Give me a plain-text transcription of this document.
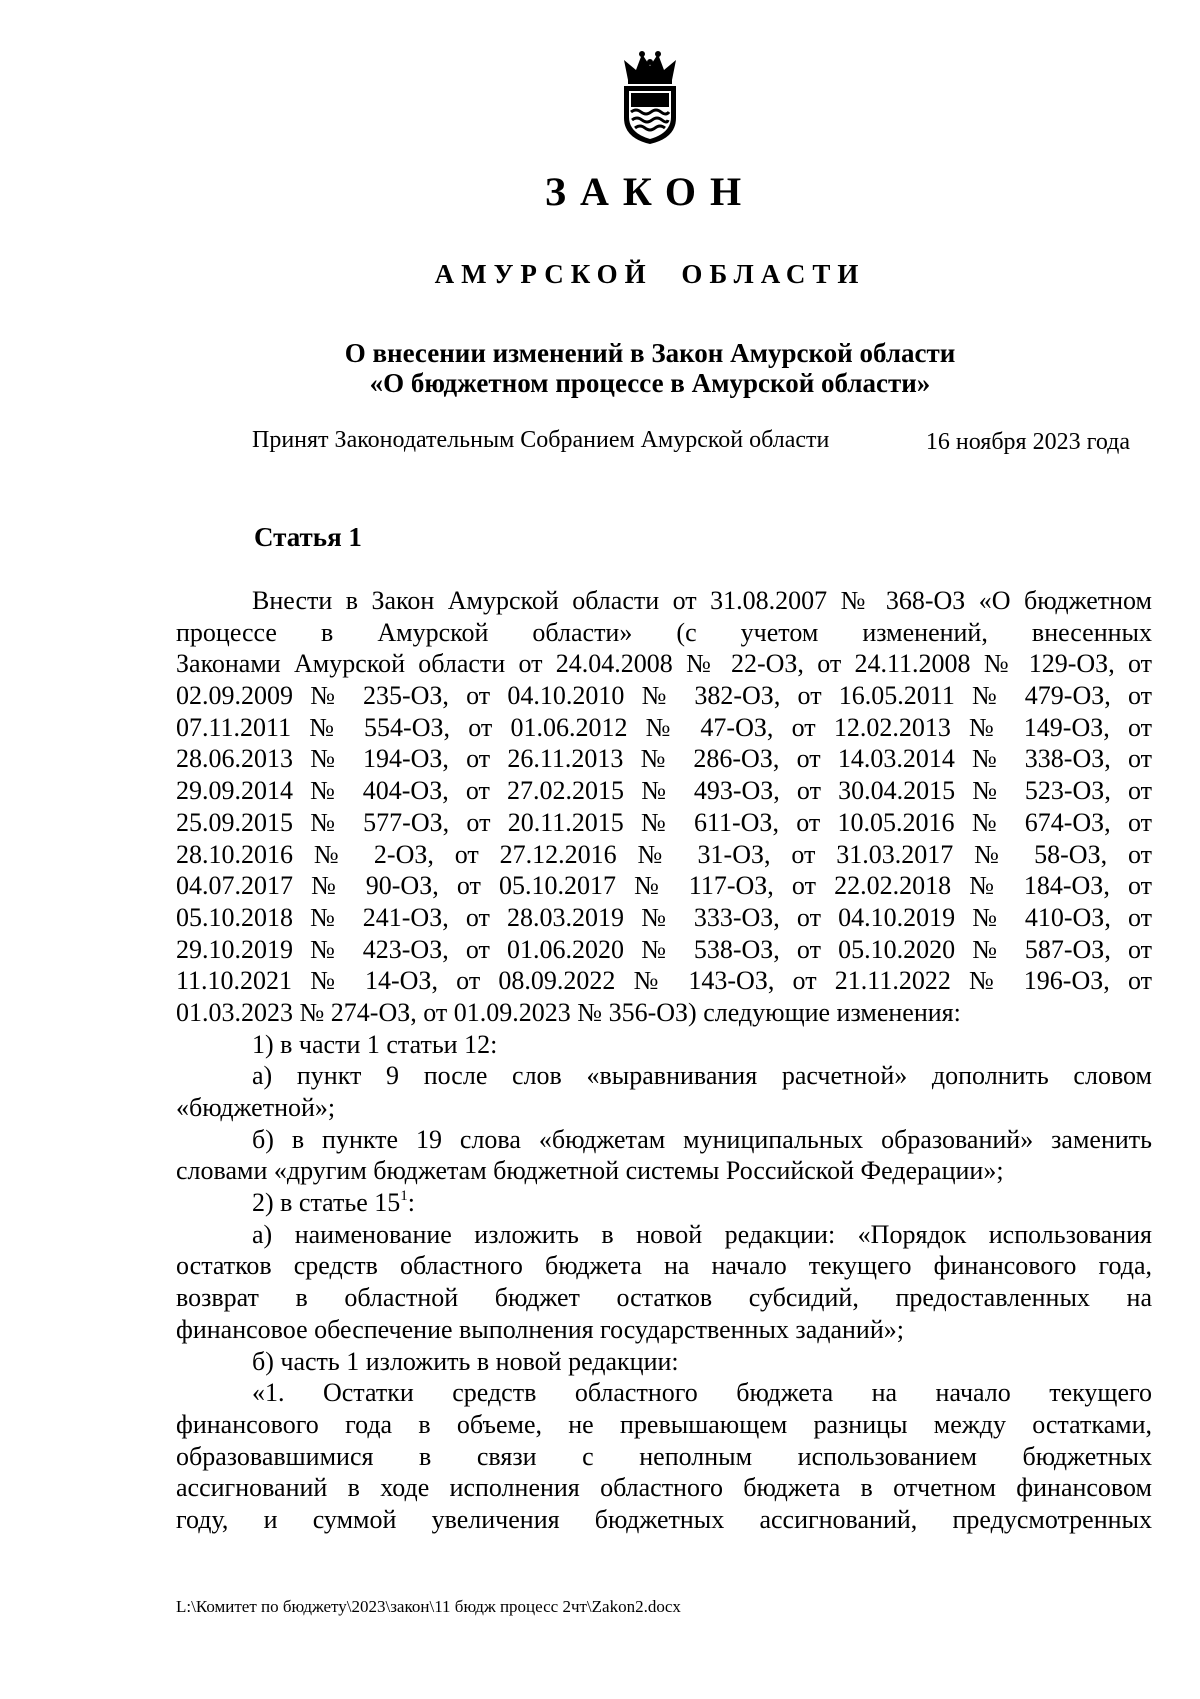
ЗАКОН
АМУРСКОЙ ОБЛАСТИ
О внесении изменений в Закон Амурской области
«О бюджетном процессе в Амурской области»
Принят Законодательным Собранием Амурской области	16 ноября 2023 года
Статья 1
Внести в Закон Амурской области от 31.08.2007 № 368-ОЗ «О бюджетном
процессе в Амурской области» (с учетом изменений, внесенных
Законами Амурской области от 24.04.2008 № 22-ОЗ, от 24.11.2008 № 129-ОЗ, от
02.09.2009 № 235-ОЗ, от 04.10.2010 № 382-ОЗ, от 16.05.2011 № 479-ОЗ, от
07.11.2011 № 554-ОЗ, от 01.06.2012 № 47-ОЗ, от 12.02.2013 № 149-ОЗ, от
28.06.2013 № 194-ОЗ, от 26.11.2013 № 286-ОЗ, от 14.03.2014 № 338-ОЗ, от
29.09.2014 № 404-ОЗ, от 27.02.2015 № 493-ОЗ, от 30.04.2015 № 523-ОЗ, от
25.09.2015 № 577-ОЗ, от 20.11.2015 № 611-ОЗ, от 10.05.2016 № 674-ОЗ, от
28.10.2016 № 2-ОЗ, от 27.12.2016 № 31-ОЗ, от 31.03.2017 № 58-ОЗ, от
04.07.2017 № 90-ОЗ, от 05.10.2017 № 117-ОЗ, от 22.02.2018 № 184-ОЗ, от
05.10.2018 № 241-ОЗ, от 28.03.2019 № 333-ОЗ, от 04.10.2019 № 410-ОЗ, от
29.10.2019 № 423-ОЗ, от 01.06.2020 № 538-ОЗ, от 05.10.2020 № 587-ОЗ, от
11.10.2021 № 14-ОЗ, от 08.09.2022 № 143-ОЗ, от 21.11.2022 № 196-ОЗ, от
01.03.2023 № 274-ОЗ, от 01.09.2023 № 356-ОЗ) следующие изменения:
1) в части 1 статьи 12:
а) пункт 9 после слов «выравнивания расчетной» дополнить словом
«бюджетной»;
б) в пункте 19 слова «бюджетам муниципальных образований» заменить
словами «другим бюджетам бюджетной системы Российской Федерации»;
2) в статье $15^1$:
а) наименование изложить в новой редакции: «Порядок использования
остатков средств областного бюджета на начало текущего финансового года,
возврат в областной бюджет остатков субсидий, предоставленных на
финансовое обеспечение выполнения государственных заданий»;
б) часть 1 изложить в новой редакции:
«1. Остатки средств областного бюджета на начало текущего
финансового года в объеме, не превышающем разницы между остатками,
образовавшимися в связи с неполным использованием бюджетных
ассигнований в ходе исполнения областного бюджета в отчетном финансовом
году, и суммой увеличения бюджетных ассигнований, предусмотренных
L:\Комитет по бюджету\2023\закон\11 бюдж процесс 2чт\Zakon2.docx
